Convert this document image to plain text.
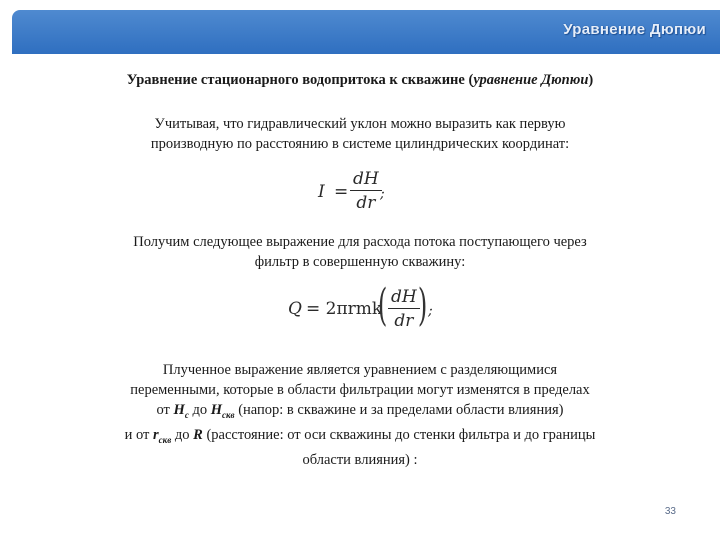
Уравнение Дюпюи
Уравнение стационарного водопритока к скважине (уравнение Дюпюи)
Учитывая, что гидравлический уклон можно выразить как первую
производную по расстоянию в системе цилиндрических координат:
$I = \frac{dH}{dr}$
;
Получим следующее выражение для расхода потока поступающего через
фильтр в совершенную скважину:
Q = 2πrmk
( $\frac{dH}{dr}$
) ;
Плученное выражение является уравнением с разделяющимися
переменными, которые в области фильтрации могут изменятся в пределах
от $H_c$ до $H_{скв}$ (напор: в скважине и за пределами области влияния)
и от $r_{скв}$ до R (расстояние: от оси скважины до стенки фильтра и до границы
области влияния) :
33
